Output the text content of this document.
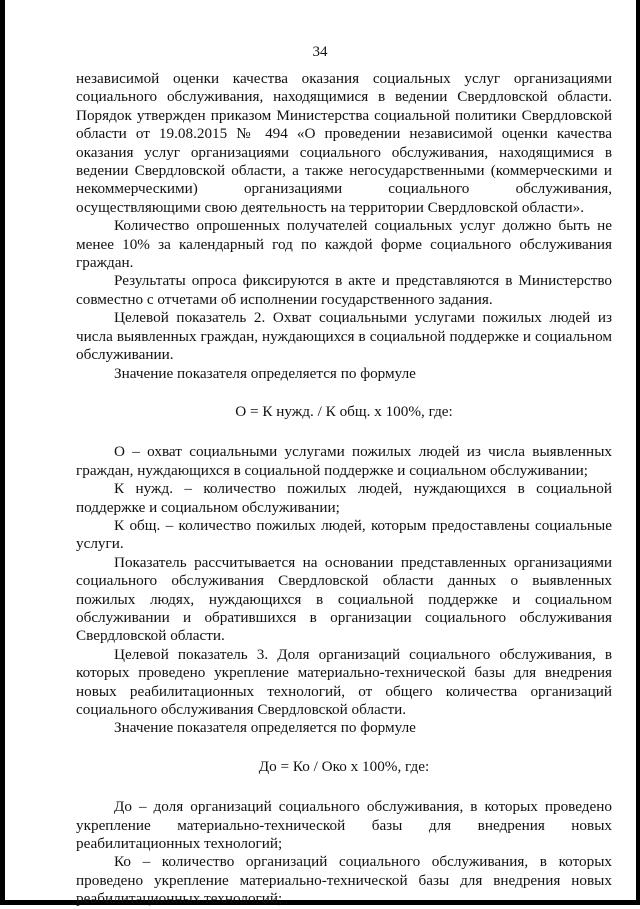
34

независимой оценки качества оказания социальных услуг организациями социального обслуживания, находящимися в ведении Свердловской области. Порядок утвержден приказом Министерства социальной политики Свердловской области от 19.08.2015 № 494 «О проведении независимой оценки качества оказания услуг организациями социального обслуживания, находящимися в ведении Свердловской области, а также негосударственными (коммерческими и некоммерческими) организациями социального обслуживания, осуществляющими свою деятельность на территории Свердловской области».

Количество опрошенных получателей социальных услуг должно быть не менее 10% за календарный год по каждой форме социального обслуживания граждан.

Результаты опроса фиксируются в акте и представляются в Министерство совместно с отчетами об исполнении государственного задания.

Целевой показатель 2. Охват социальными услугами пожилых людей из числа выявленных граждан, нуждающихся в социальной поддержке и социальном обслуживании.

Значение показателя определяется по формуле

О = К нужд. / К общ. х 100%, где:

О – охват социальными услугами пожилых людей из числа выявленных граждан, нуждающихся в социальной поддержке и социальном обслуживании;

К нужд. – количество пожилых людей, нуждающихся в социальной поддержке и социальном обслуживании;

К общ. – количество пожилых людей, которым предоставлены социальные услуги.

Показатель рассчитывается на основании представленных организациями социального обслуживания Свердловской области данных о выявленных пожилых людях, нуждающихся в социальной поддержке и социальном обслуживании и обратившихся в организации социального обслуживания Свердловской области.

Целевой показатель 3. Доля организаций социального обслуживания, в которых проведено укрепление материально-технической базы для внедрения новых реабилитационных технологий, от общего количества организаций социального обслуживания Свердловской области.

Значение показателя определяется по формуле

До = Ко / Око х 100%, где:

До – доля организаций социального обслуживания, в которых проведено укрепление материально-технической базы для внедрения новых реабилитационных технологий;

Ко – количество организаций социального обслуживания, в которых проведено укрепление материально-технической базы для внедрения новых реабилитационных технологий;
